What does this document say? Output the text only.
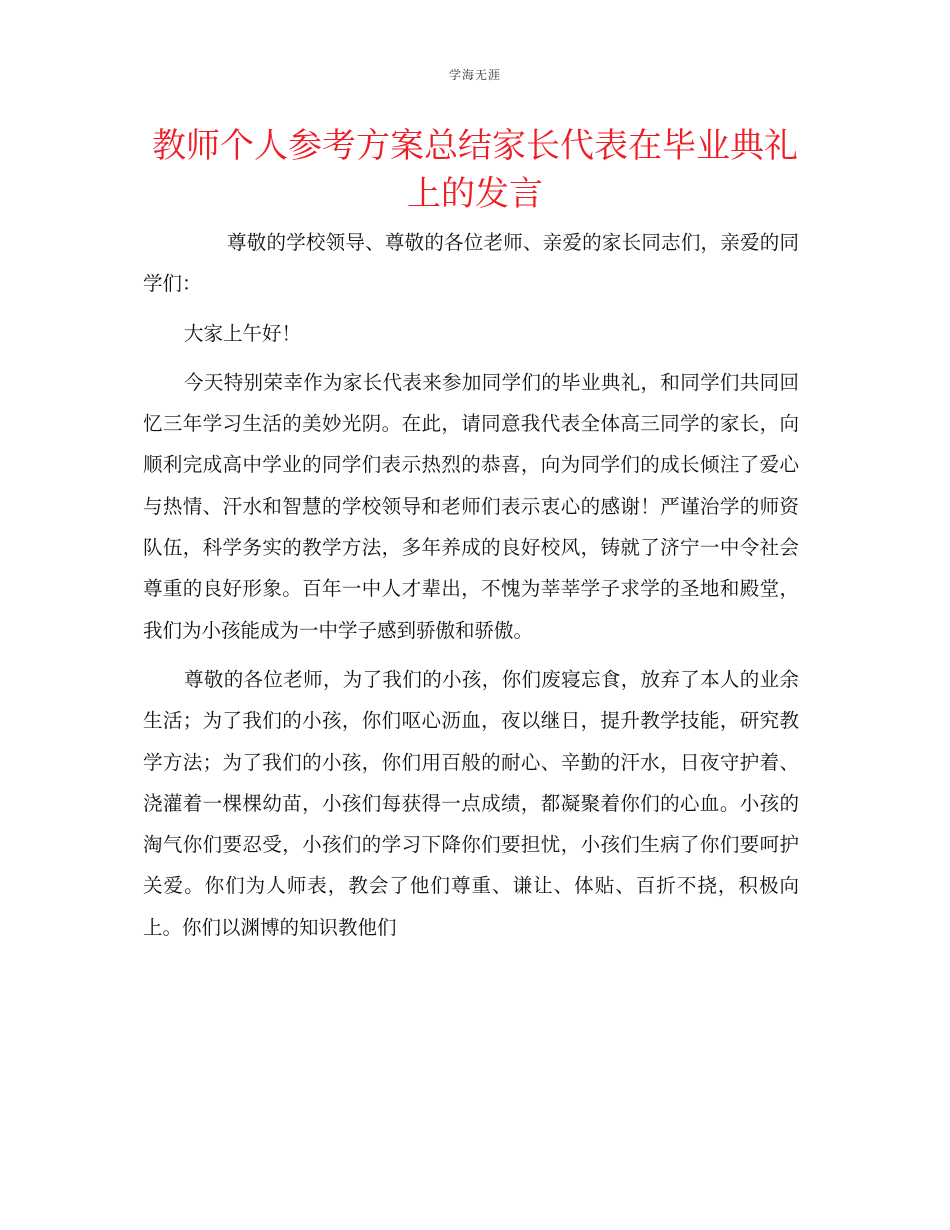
学海无涯
教师个人参考方案总结家长代表在毕业典礼上的发言

尊敬的学校领导、尊敬的各位老师、亲爱的家长同志们，亲爱的同学们：

大家上午好！

今天特别荣幸作为家长代表来参加同学们的毕业典礼，和同学们共同回忆三年学习生活的美妙光阴。在此，请同意我代表全体高三同学的家长，向顺利完成高中学业的同学们表示热烈的恭喜，向为同学们的成长倾注了爱心与热情、汗水和智慧的学校领导和老师们表示衷心的感谢！严谨治学的师资队伍，科学务实的教学方法，多年养成的良好校风，铸就了济宁一中令社会尊重的良好形象。百年一中人才辈出，不愧为莘莘学子求学的圣地和殿堂，我们为小孩能成为一中学子感到骄傲和骄傲。

尊敬的各位老师，为了我们的小孩，你们废寝忘食，放弃了本人的业余生活；为了我们的小孩，你们呕心沥血，夜以继日，提升教学技能，研究教学方法；为了我们的小孩，你们用百般的耐心、辛勤的汗水，日夜守护着、浇灌着一棵棵幼苗，小孩们每获得一点成绩，都凝聚着你们的心血。小孩的淘气你们要忍受，小孩们的学习下降你们要担忧，小孩们生病了你们要呵护关爱。你们为人师表，教会了他们尊重、谦让、体贴、百折不挠，积极向上。你们以渊博的知识教他们
